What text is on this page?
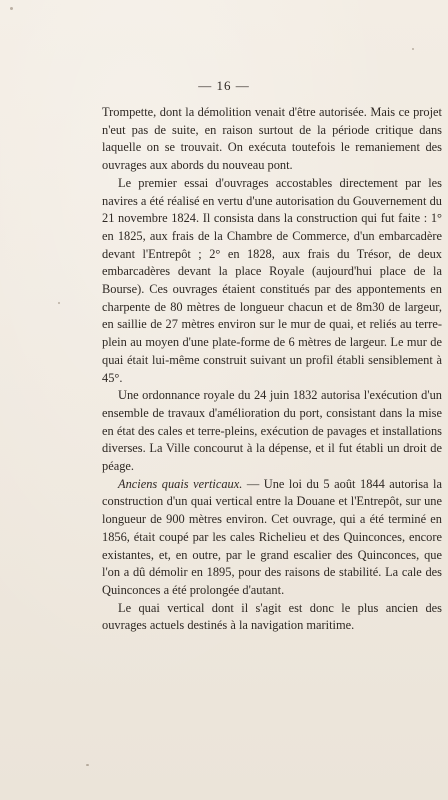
— 16 —

Trompette, dont la démolition venait d'être autorisée. Mais ce projet n'eut pas de suite, en raison surtout de la période critique dans laquelle on se trouvait. On exécuta toutefois le remaniement des ouvrages aux abords du nouveau pont.

Le premier essai d'ouvrages accostables directement par les navires a été réalisé en vertu d'une autorisation du Gouvernement du 21 novembre 1824. Il consista dans la construction qui fut faite : 1° en 1825, aux frais de la Chambre de Commerce, d'un embarcadère devant l'Entrepôt ; 2° en 1828, aux frais du Trésor, de deux embarcadères devant la place Royale (aujourd'hui place de la Bourse). Ces ouvrages étaient constitués par des appontements en charpente de 80 mètres de longueur chacun et de 8m30 de largeur, en saillie de 27 mètres environ sur le mur de quai, et reliés au terre-plein au moyen d'une plate-forme de 6 mètres de largeur. Le mur de quai était lui-même construit suivant un profil établi sensiblement à 45°.

Une ordonnance royale du 24 juin 1832 autorisa l'exécution d'un ensemble de travaux d'amélioration du port, consistant dans la mise en état des cales et terre-pleins, exécution de pavages et installations diverses. La Ville concourut à la dépense, et il fut établi un droit de péage.

Anciens quais verticaux. — Une loi du 5 août 1844 autorisa la construction d'un quai vertical entre la Douane et l'Entrepôt, sur une longueur de 900 mètres environ. Cet ouvrage, qui a été terminé en 1856, était coupé par les cales Richelieu et des Quinconces, encore existantes, et, en outre, par le grand escalier des Quinconces, que l'on a dû démolir en 1895, pour des raisons de stabilité. La cale des Quinconces a été prolongée d'autant.

Le quai vertical dont il s'agit est donc le plus ancien des ouvrages actuels destinés à la navigation maritime.
